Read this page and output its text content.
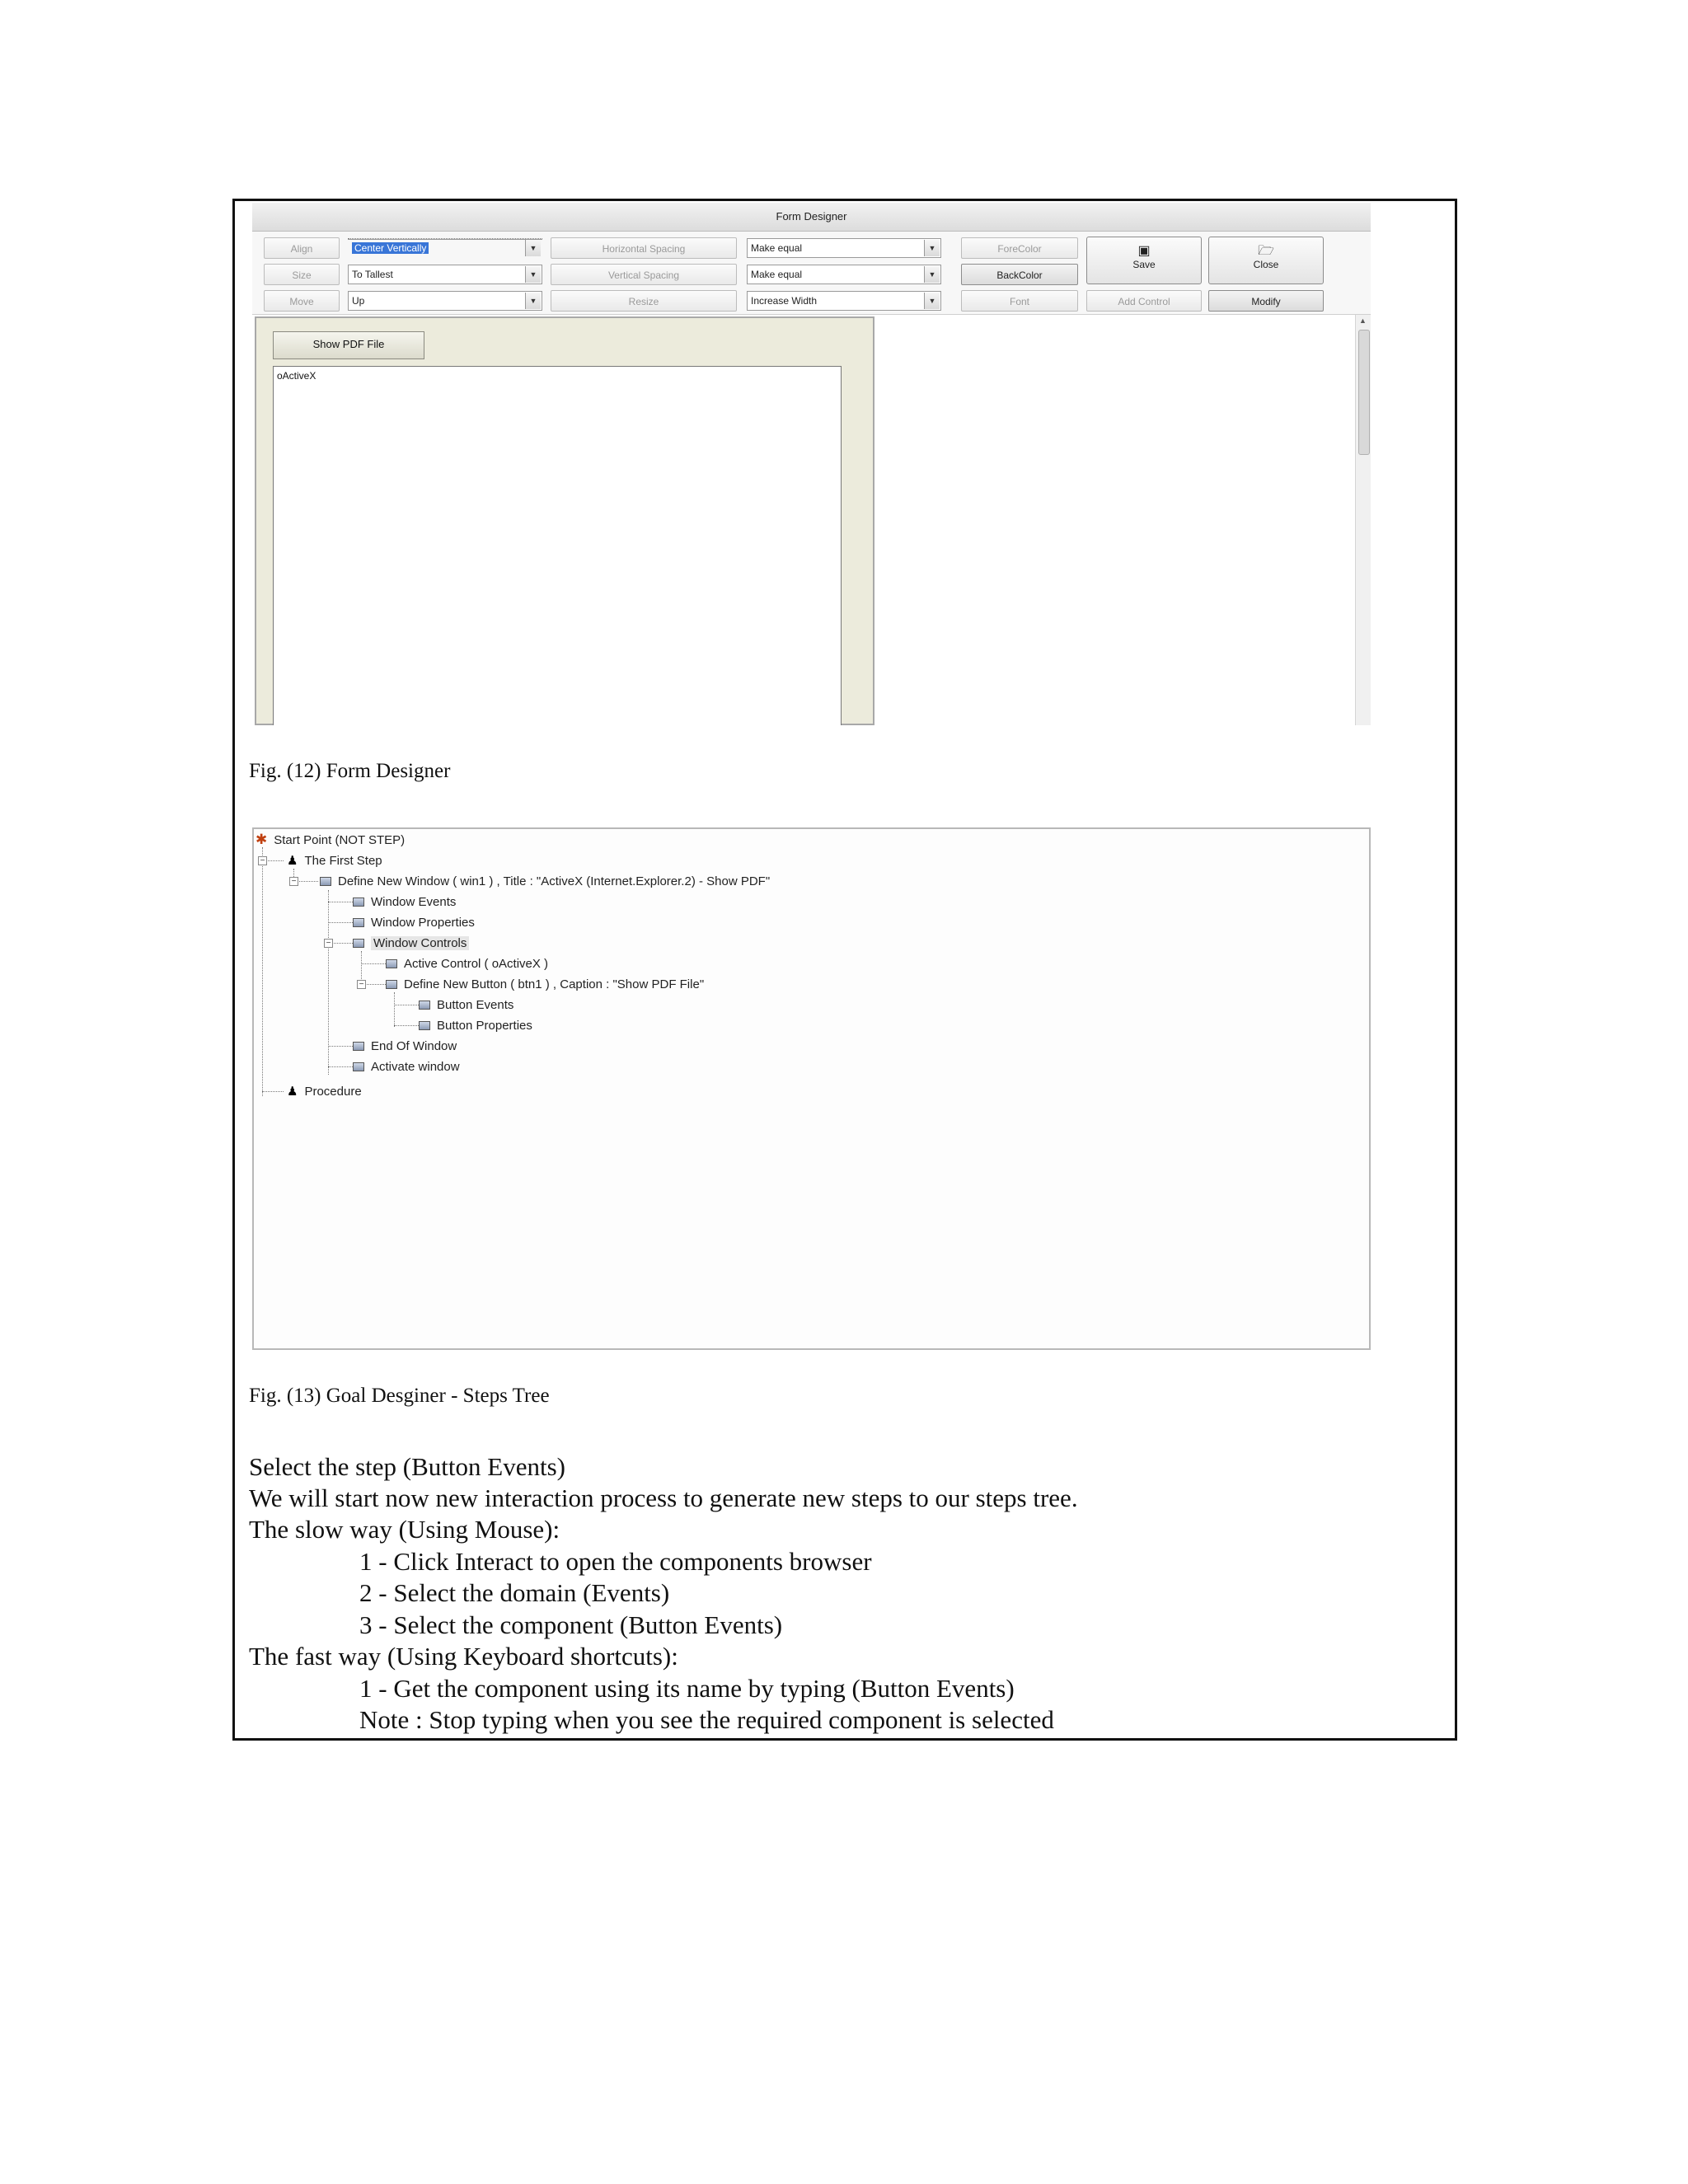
Form Designer
Align
Size
Move
Center Vertically	▼
To Tallest	▼
Up	▼
Horizontal Spacing
Vertical Spacing
Resize
Make equal	▼
Make equal	▼
Increase Width	▼
ForeColor
BackColor
Font
▣
Save
🗁
Close
Add Control	Modify
Show PDF File
oActiveX
▲
Fig. (12) Form Designer
−
−
−
−
✱ Start Point (NOT STEP)
♟ The First Step
Define New Window ( win1 ) , Title : "ActiveX (Internet.Explorer.2) - Show PDF"
Window Events
Window Properties
Window Controls
Active Control ( oActiveX )
Define New Button ( btn1 ) , Caption : "Show PDF File"
Button Events
Button Properties
End Of Window
Activate window
♟ Procedure
Fig. (13) Goal Desginer - Steps Tree
Select the step (Button Events)
We will start now new interaction process to generate new steps to our steps tree.
The slow way (Using Mouse):
1 - Click Interact to open the components browser
2 - Select the domain (Events)
3 - Select the component (Button Events)
The fast way (Using Keyboard shortcuts):
1 - Get the component using its name by typing (Button Events)
Note : Stop typing when you see the required component is selected
